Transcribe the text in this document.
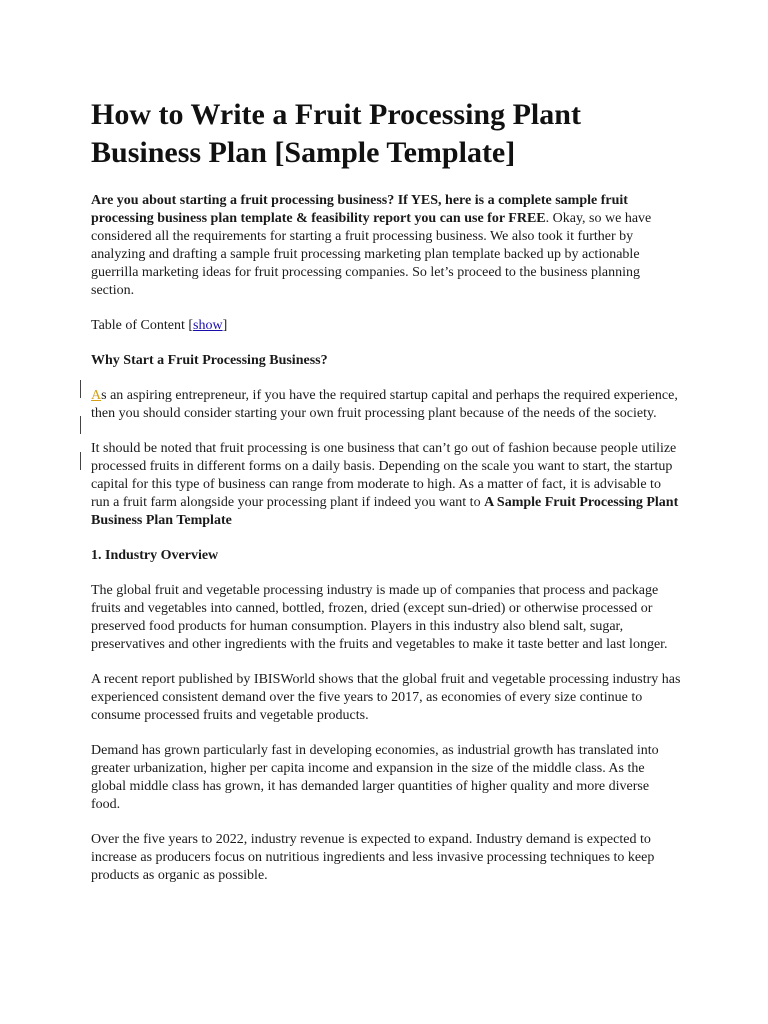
How to Write a Fruit Processing Plant Business Plan [Sample Template]

Are you about starting a fruit processing business? If YES, here is a complete sample fruit processing business plan template & feasibility report you can use for FREE. Okay, so we have considered all the requirements for starting a fruit processing business. We also took it further by analyzing and drafting a sample fruit processing marketing plan template backed up by actionable guerrilla marketing ideas for fruit processing companies. So let’s proceed to the business planning section.

Table of Content [show]

Why Start a Fruit Processing Business?

As an aspiring entrepreneur, if you have the required startup capital and perhaps the required experience, then you should consider starting your own fruit processing plant because of the needs of the society.

It should be noted that fruit processing is one business that can’t go out of fashion because people utilize processed fruits in different forms on a daily basis. Depending on the scale you want to start, the startup capital for this type of business can range from moderate to high. As a matter of fact, it is advisable to run a fruit farm alongside your processing plant if indeed you want to A Sample Fruit Processing Plant Business Plan Template

1. Industry Overview

The global fruit and vegetable processing industry is made up of companies that process and package fruits and vegetables into canned, bottled, frozen, dried (except sun-dried) or otherwise processed or preserved food products for human consumption. Players in this industry also blend salt, sugar, preservatives and other ingredients with the fruits and vegetables to make it taste better and last longer.

A recent report published by IBISWorld shows that the global fruit and vegetable processing industry has experienced consistent demand over the five years to 2017, as economies of every size continue to consume processed fruits and vegetable products.

Demand has grown particularly fast in developing economies, as industrial growth has translated into greater urbanization, higher per capita income and expansion in the size of the middle class. As the global middle class has grown, it has demanded larger quantities of higher quality and more diverse food.

Over the five years to 2022, industry revenue is expected to expand. Industry demand is expected to increase as producers focus on nutritious ingredients and less invasive processing techniques to keep products as organic as possible.
